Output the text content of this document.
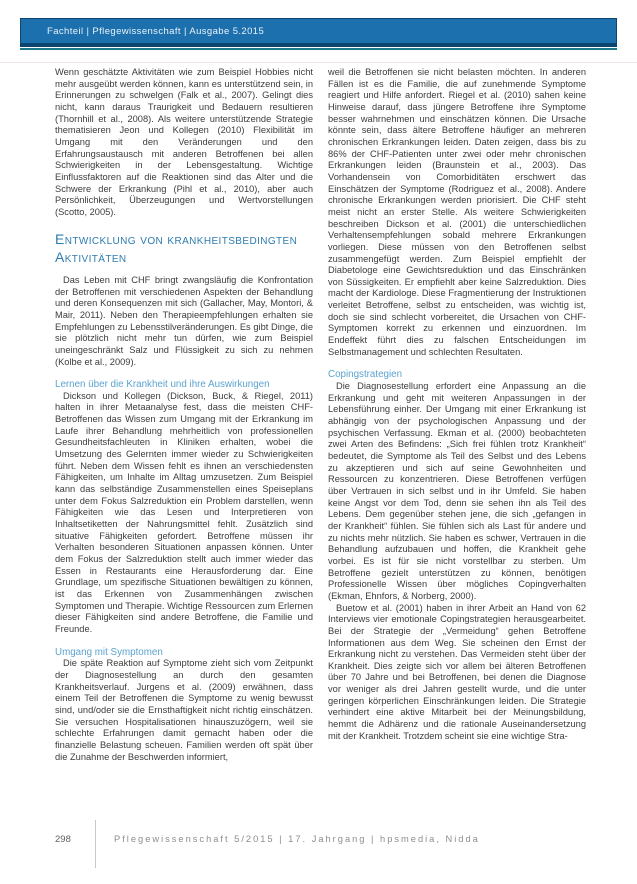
Fachteil | Pflegewissenschaft | Ausgabe 5.2015

Wenn geschätzte Aktivitäten wie zum Beispiel Hobbies nicht mehr ausgeübt werden können, kann es unterstützend sein, in Erinnerungen zu schwelgen (Falk et al., 2007). Gelingt dies nicht, kann daraus Traurigkeit und Bedauern resultieren (Thornhill et al., 2008). Als weitere unterstützende Strategie thematisieren Jeon und Kollegen (2010) Flexibilität im Umgang mit den Veränderungen und den Erfahrungsaustausch mit anderen Betroffenen bei allen Schwierigkeiten in der Lebensgestaltung. Wichtige Einflussfaktoren auf die Reaktionen sind das Alter und die Schwere der Erkrankung (Pihl et al., 2010), aber auch Persönlichkeit, Überzeugungen und Wertvorstellungen (Scotto, 2005).

Entwicklung von krankheitsbedingten Aktivitäten

Das Leben mit CHF bringt zwangsläufig die Konfrontation der Betroffenen mit verschiedenen Aspekten der Behandlung und deren Konsequenzen mit sich (Gallacher, May, Montori, & Mair, 2011). Neben den Therapieempfehlungen erhalten sie Empfehlungen zu Lebensstilveränderungen. Es gibt Dinge, die sie plötzlich nicht mehr tun dürfen, wie zum Beispiel uneingeschränkt Salz und Flüssigkeit zu sich zu nehmen (Kolbe et al., 2009).

Lernen über die Krankheit und ihre Auswirkungen

Dickson und Kollegen (Dickson, Buck, & Riegel, 2011) halten in ihrer Metaanalyse fest, dass die meisten CHF-Betroffenen das Wissen zum Umgang mit der Erkrankung im Laufe ihrer Behandlung mehrheitlich von professionellen Gesundheitsfachleuten in Kliniken erhalten, wobei die Umsetzung des Gelernten immer wieder zu Schwierigkeiten führt. Neben dem Wissen fehlt es ihnen an verschiedensten Fähigkeiten, um Inhalte im Alltag umzusetzen. Zum Beispiel kann das selbständige Zusammenstellen eines Speiseplans unter dem Fokus Salzreduktion ein Problem darstellen, wenn Fähigkeiten wie das Lesen und Interpretieren von Inhaltsetiketten der Nahrungsmittel fehlt. Zusätzlich sind situative Fähigkeiten gefordert. Betroffene müssen ihr Verhalten besonderen Situationen anpassen können. Unter dem Fokus der Salzreduktion stellt auch immer wieder das Essen in Restaurants eine Herausforderung dar. Eine Grundlage, um spezifische Situationen bewältigen zu können, ist das Erkennen von Zusammenhängen zwischen Symptomen und Therapie. Wichtige Ressourcen zum Erlernen dieser Fähigkeiten sind andere Betroffene, die Familie und Freunde.

Umgang mit Symptomen

Die späte Reaktion auf Symptome zieht sich vom Zeitpunkt der Diagnosestellung an durch den gesamten Krankheitsverlauf. Jurgens et al. (2009) erwähnen, dass einem Teil der Betroffenen die Symptome zu wenig bewusst sind, und/oder sie die Ernsthaftigkeit nicht richtig einschätzen. Sie versuchen Hospitalisationen hinauszuzögern, weil sie schlechte Erfahrungen damit gemacht haben oder die finanzielle Belastung scheuen. Familien werden oft spät über die Zunahme der Beschwerden informiert,

weil die Betroffenen sie nicht belasten möchten. In anderen Fällen ist es die Familie, die auf zunehmende Symptome reagiert und Hilfe anfordert. Riegel et al. (2010) sahen keine Hinweise darauf, dass jüngere Betroffene ihre Symptome besser wahrnehmen und einschätzen können. Die Ursache könnte sein, dass ältere Betroffene häufiger an mehreren chronischen Erkrankungen leiden. Daten zeigen, dass bis zu 86% der CHF-Patienten unter zwei oder mehr chronischen Erkrankungen leiden (Braunstein et al., 2003). Das Vorhandensein von Comorbiditäten erschwert das Einschätzen der Symptome (Rodriguez et al., 2008). Andere chronische Erkrankungen werden priorisiert. Die CHF steht meist nicht an erster Stelle. Als weitere Schwierigkeiten beschreiben Dickson et al. (2001) die unterschiedlichen Verhaltensempfehlungen sobald mehrere Erkrankungen vorliegen. Diese müssen von den Betroffenen selbst zusammengefügt werden. Zum Beispiel empfiehlt der Diabetologe eine Gewichtsreduktion und das Einschränken von Süssigkeiten. Er empfiehlt aber keine Salzreduktion. Dies macht der Kardiologe. Diese Fragmentierung der Instruktionen verleitet Betroffene, selbst zu entscheiden, was wichtig ist, doch sie sind schlecht vorbereitet, die Ursachen von CHF-Symptomen korrekt zu erkennen und einzuordnen. Im Endeffekt führt dies zu falschen Entscheidungen im Selbstmanagement und schlechten Resultaten.

Copingstrategien

Die Diagnosestellung erfordert eine Anpassung an die Erkrankung und geht mit weiteren Anpassungen in der Lebensführung einher. Der Umgang mit einer Erkrankung ist abhängig von der psychologischen Anpassung und der psychischen Verfassung. Ekman et al. (2000) beobachteten zwei Arten des Befindens: „Sich frei fühlen trotz Krankheit“ bedeutet, die Symptome als Teil des Selbst und des Lebens zu akzeptieren und sich auf seine Gewohnheiten und Ressourcen zu konzentrieren. Diese Betroffenen verfügen über Vertrauen in sich selbst und in ihr Umfeld. Sie haben keine Angst vor dem Tod, denn sie sehen ihn als Teil des Lebens. Dem gegenüber stehen jene, die sich „gefangen in der Krankheit“ fühlen. Sie fühlen sich als Last für andere und zu nichts mehr nützlich. Sie haben es schwer, Vertrauen in die Behandlung aufzubauen und hoffen, die Krankheit gehe vorbei. Es ist für sie nicht vorstellbar zu sterben. Um Betroffene gezielt unterstützen zu können, benötigen Professionelle Wissen über mögliches Copingverhalten (Ekman, Ehnfors, & Norberg, 2000).

Buetow et al. (2001) haben in ihrer Arbeit an Hand von 62 Interviews vier emotionale Copingstrategien herausgearbeitet. Bei der Strategie der „Vermeidung“ gehen Betroffene Informationen aus dem Weg. Sie scheinen den Ernst der Erkrankung nicht zu verstehen. Das Vermeiden steht über der Krankheit. Dies zeigte sich vor allem bei älteren Betroffenen über 70 Jahre und bei Betroffenen, bei denen die Diagnose vor weniger als drei Jahren gestellt wurde, und die unter geringen körperlichen Einschränkungen leiden. Die Strategie verhindert eine aktive Mitarbeit bei der Meinungsbildung, hemmt die Adhärenz und die rationale Auseinandersetzung mit der Krankheit. Trotzdem scheint sie eine wichtige Stra-

298	Pflegewissenschaft 5/2015 | 17. Jahrgang | hpsmedia, Nidda
